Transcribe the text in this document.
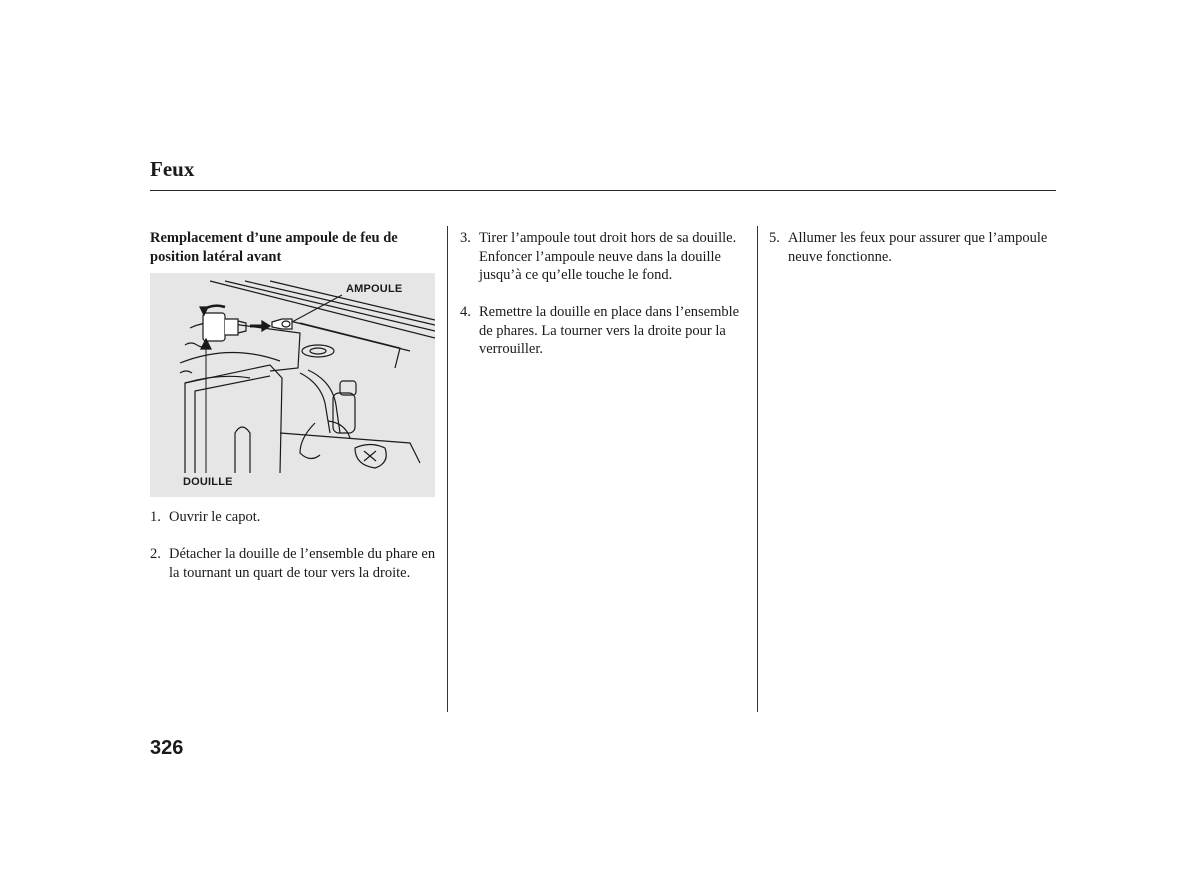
Feux
Remplacement d’une ampoule de feu de position latéral avant
AMPOULE
DOUILLE
1. Ouvrir le capot.
2. Détacher la douille de l’ensemble du phare en la tournant un quart de tour vers la droite.
3. Tirer l’ampoule tout droit hors de sa douille. Enfoncer l’ampoule neuve dans la douille jusqu’à ce qu’elle touche le fond.
4. Remettre la douille en place dans l’ensemble de phares. La tourner vers la droite pour la verrouiller.
5. Allumer les feux pour assurer que l’ampoule neuve fonctionne.

326
